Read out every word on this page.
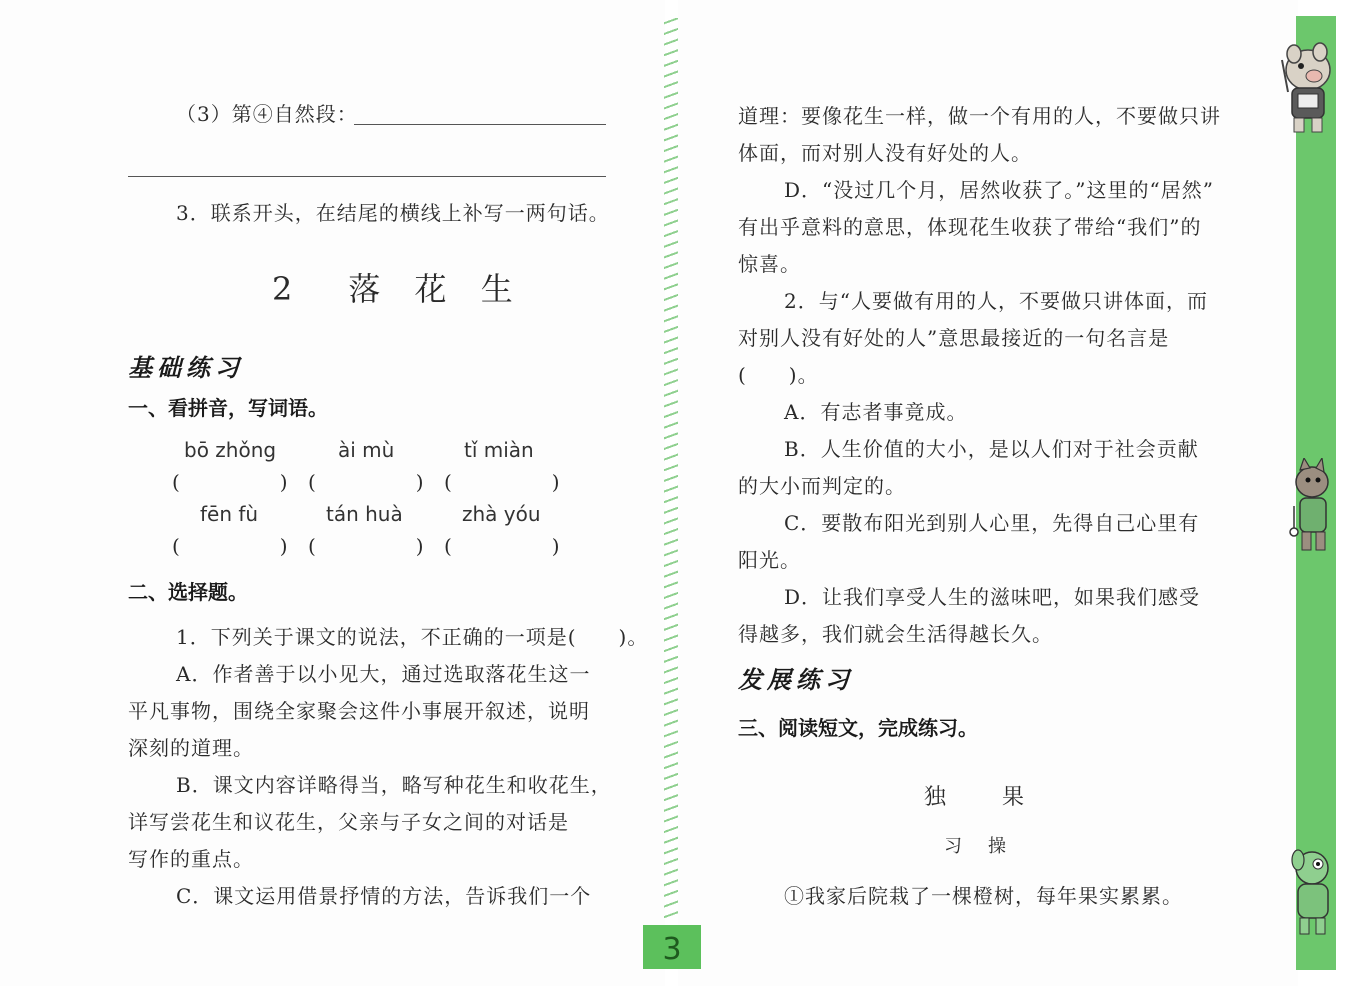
（3）第④自然段：
3．联系开头，在结尾的横线上补写一两句话。
2　落 花 生
基础练习
一、看拼音，写词语。
bō zhǒng	ài mù	tǐ miàn
(　　　　　) (　　　　　) (　　　　　)
fēn fù	tán huà	zhà yóu
(　　　　　) (　　　　　) (　　　　　)
二、选择题。
1．下列关于课文的说法，不正确的一项是(　　)。
A．作者善于以小见大，通过选取落花生这一
平凡事物，围绕全家聚会这件小事展开叙述，说明
深刻的道理。
B．课文内容详略得当，略写种花生和收花生，
详写尝花生和议花生，父亲与子女之间的对话是
写作的重点。
C．课文运用借景抒情的方法，告诉我们一个
道理：要像花生一样，做一个有用的人，不要做只讲
体面，而对别人没有好处的人。
D．“没过几个月，居然收获了。”这里的“居然”
有出乎意料的意思，体现花生收获了带给“我们”的
惊喜。
2．与“人要做有用的人，不要做只讲体面，而
对别人没有好处的人”意思最接近的一句名言是
(　　)。
A．有志者事竟成。
B．人生价值的大小，是以人们对于社会贡献
的大小而判定的。
C．要散布阳光到别人心里，先得自己心里有
阳光。
D．让我们享受人生的滋味吧，如果我们感受
得越多，我们就会生活得越长久。
发展练习
三、阅读短文，完成练习。
独　　果
习　操
①我家后院栽了一棵橙树，每年果实累累。
3
